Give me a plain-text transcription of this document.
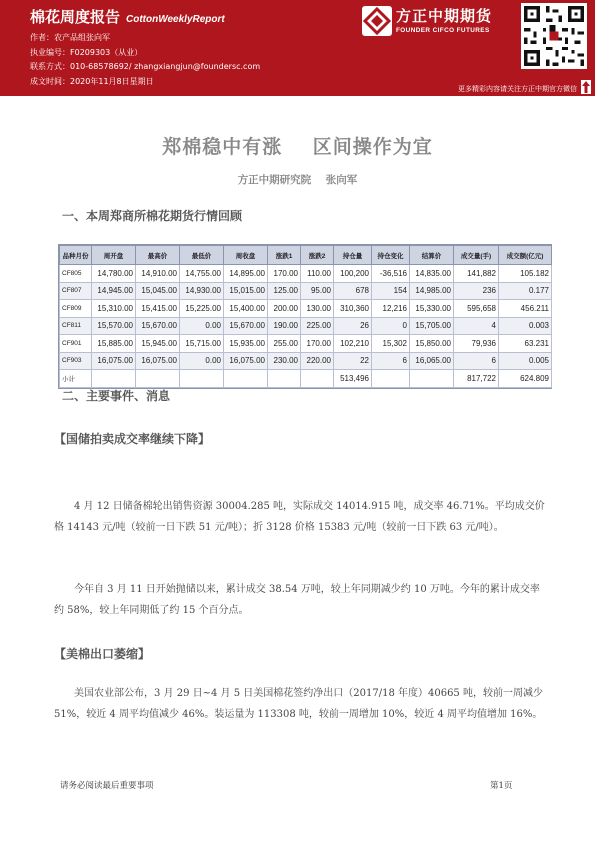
棉花周度报告 CottonWeeklyReport
作者：农产品组张向军
执业编号：F0209303（从业）
联系方式：010-68578692/ zhangxiangjun@foundersc.com
成文时间：2020年11月8日星期日
方正中期期货
FOUNDER CIFCO FUTURES
更多精彩内容请关注方正中期官方微信
郑棉稳中有涨    区间操作为宜
方正中期研究院    张向军
一、本周郑商所棉花期货行情回顾
品种月份	周开盘	最高价	最低价	周收盘	涨跌1	涨跌2	持仓量	持仓变化	结算价	成交量(手)	成交额(亿元)
CF805	14,780.00	14,910.00	14,755.00	14,895.00	170.00	110.00	100,200	-36,516	14,835.00	141,882	105.182
CF807	14,945.00	15,045.00	14,930.00	15,015.00	125.00	95.00	678	154	14,985.00	236	0.177
CF809	15,310.00	15,415.00	15,225.00	15,400.00	200.00	130.00	310,360	12,216	15,330.00	595,658	456.211
CF811	15,570.00	15,670.00	0.00	15,670.00	190.00	225.00	26	0	15,705.00	4	0.003
CF901	15,885.00	15,945.00	15,715.00	15,935.00	255.00	170.00	102,210	15,302	15,850.00	79,936	63.231
CF903	16,075.00	16,075.00	0.00	16,075.00	230.00	220.00	22	6	16,065.00	6	0.005
小计							513,496			817,722	624.809
二、主要事件、消息
【国储拍卖成交率继续下降】
4 月 12 日储备棉轮出销售资源 30004.285 吨，实际成交 14014.915 吨，成交率 46.71%。平均成交价格 14143 元/吨（较前一日下跌 51 元/吨）；折 3128 价格 15383 元/吨（较前一日下跌 63 元/吨）。
今年自 3 月 11 日开始抛储以来，累计成交 38.54 万吨，较上年同期减少约 10 万吨。今年的累计成交率约 58%，较上年同期低了约 15 个百分点。
【美棉出口萎缩】
美国农业部公布，3 月 29 日~4 月 5 日美国棉花签约净出口（2017/18 年度）40665 吨，较前一周减少 51%，较近 4 周平均值减少 46%。装运量为 113308 吨，较前一周增加 10%，较近 4 周平均值增加 16%。
请务必阅读最后重要事项	第1页
